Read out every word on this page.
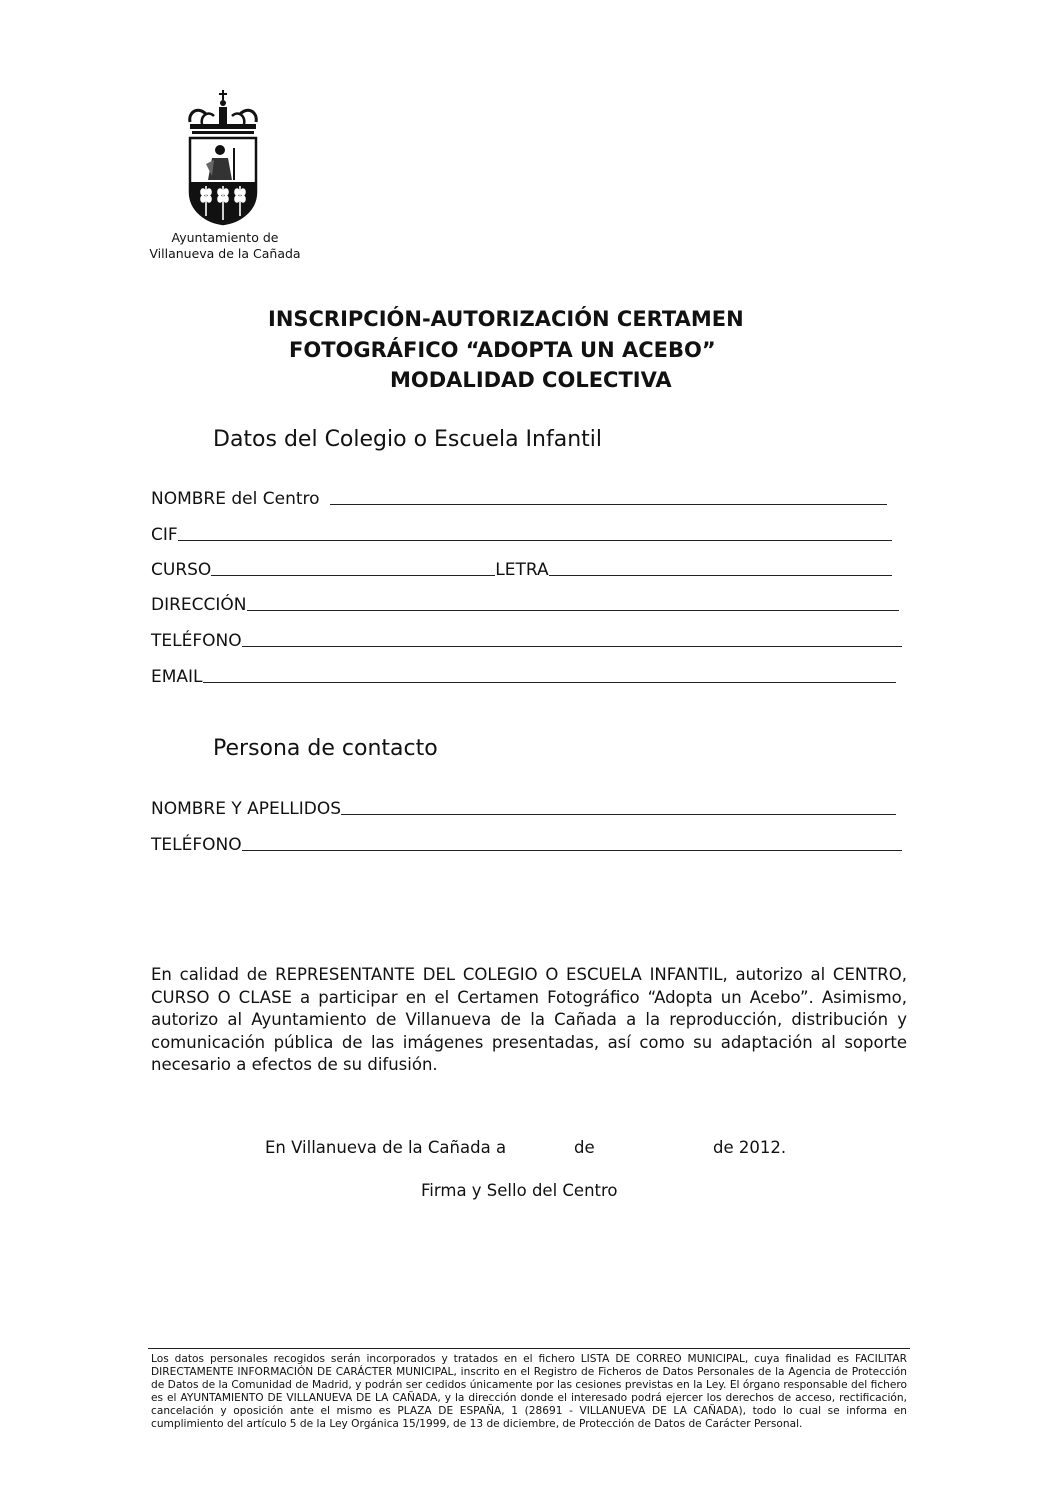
Ayuntamiento de
Villanueva de la Cañada
INSCRIPCIÓN-AUTORIZACIÓN CERTAMEN
FOTOGRÁFICO “ADOPTA UN ACEBO”
MODALIDAD COLECTIVA
Datos del Colegio o Escuela Infantil
NOMBRE del Centro
CIF
CURSO	LETRA
DIRECCIÓN
TELÉFONO
EMAIL
Persona de contacto
NOMBRE Y APELLIDOS
TELÉFONO
En calidad de REPRESENTANTE DEL COLEGIO O ESCUELA INFANTIL, autorizo al CENTRO, CURSO O CLASE a participar en el Certamen Fotográfico “Adopta un Acebo”. Asimismo, autorizo al Ayuntamiento de Villanueva de la Cañada a la reproducción, distribución y comunicación pública de las imágenes presentadas, así como su adaptación al soporte necesario a efectos de su difusión.
En Villanueva de la Cañada a	de	de 2012.
Firma y Sello del Centro
Los datos personales recogidos serán incorporados y tratados en el fichero LISTA DE CORREO MUNICIPAL, cuya finalidad es FACILITAR DIRECTAMENTE INFORMACIÓN DE CARÁCTER MUNICIPAL, inscrito en el Registro de Ficheros de Datos Personales de la Agencia de Protección de Datos de la Comunidad de Madrid, y podrán ser cedidos únicamente por las cesiones previstas en la Ley. El órgano responsable del fichero es el AYUNTAMIENTO DE VILLANUEVA DE LA CAÑADA, y la dirección donde el interesado podrá ejercer los derechos de acceso, rectificación, cancelación y oposición ante el mismo es PLAZA DE ESPAÑA, 1 (28691 - VILLANUEVA DE LA CAÑADA), todo lo cual se informa en cumplimiento del artículo 5 de la Ley Orgánica 15/1999, de 13 de diciembre, de Protección de Datos de Carácter Personal.
